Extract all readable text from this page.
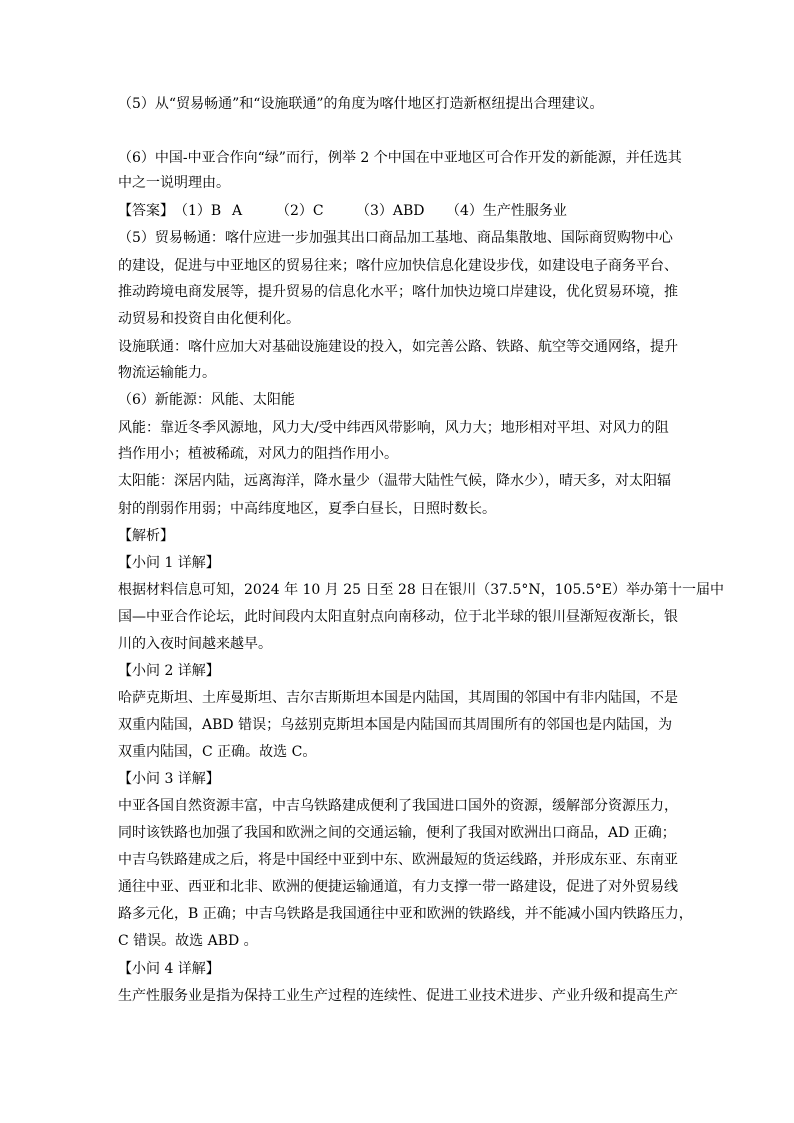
（5）从“贸易畅通”和“设施联通”的角度为喀什地区打造新枢纽提出合理建议。
（6）中国-中亚合作向“绿”而行，例举 2 个中国在中亚地区可合作开发的新能源，并任选其
中之一说明理由。
【答案】（1）B A （2）C （3）ABD （4）生产性服务业
（5）贸易畅通：喀什应进一步加强其出口商品加工基地、商品集散地、国际商贸购物中心
的建设，促进与中亚地区的贸易往来；喀什应加快信息化建设步伐，如建设电子商务平台、
推动跨境电商发展等，提升贸易的信息化水平；喀什加快边境口岸建设，优化贸易环境，推
动贸易和投资自由化便利化。
设施联通：喀什应加大对基础设施建设的投入，如完善公路、铁路、航空等交通网络，提升
物流运输能力。
（6）新能源：风能、太阳能
风能：靠近冬季风源地，风力大/受中纬西风带影响，风力大；地形相对平坦、对风力的阻
挡作用小；植被稀疏，对风力的阻挡作用小。
太阳能：深居内陆，远离海洋，降水量少（温带大陆性气候，降水少），晴天多，对太阳辐
射的削弱作用弱；中高纬度地区，夏季白昼长，日照时数长。
【解析】
【小问 1 详解】
根据材料信息可知，2024 年 10 月 25 日至 28 日在银川（37.5°N，105.5°E）举办第十一届中
国—中亚合作论坛，此时间段内太阳直射点向南移动，位于北半球的银川昼渐短夜渐长，银
川的入夜时间越来越早。
【小问 2 详解】
哈萨克斯坦、土库曼斯坦、吉尔吉斯斯坦本国是内陆国，其周围的邻国中有非内陆国，不是
双重内陆国，ABD 错误；乌兹别克斯坦本国是内陆国而其周围所有的邻国也是内陆国，为
双重内陆国，C 正确。故选 C。
【小问 3 详解】
中亚各国自然资源丰富，中吉乌铁路建成便利了我国进口国外的资源，缓解部分资源压力，
同时该铁路也加强了我国和欧洲之间的交通运输，便利了我国对欧洲出口商品，AD 正确；
中吉乌铁路建成之后，将是中国经中亚到中东、欧洲最短的货运线路，并形成东亚、东南亚
通往中亚、西亚和北非、欧洲的便捷运输通道，有力支撑一带一路建设，促进了对外贸易线
路多元化，B 正确；中吉乌铁路是我国通往中亚和欧洲的铁路线，并不能减小国内铁路压力，
C 错误。故选 ABD 。
【小问 4 详解】
生产性服务业是指为保持工业生产过程的连续性、促进工业技术进步、产业升级和提高生产
